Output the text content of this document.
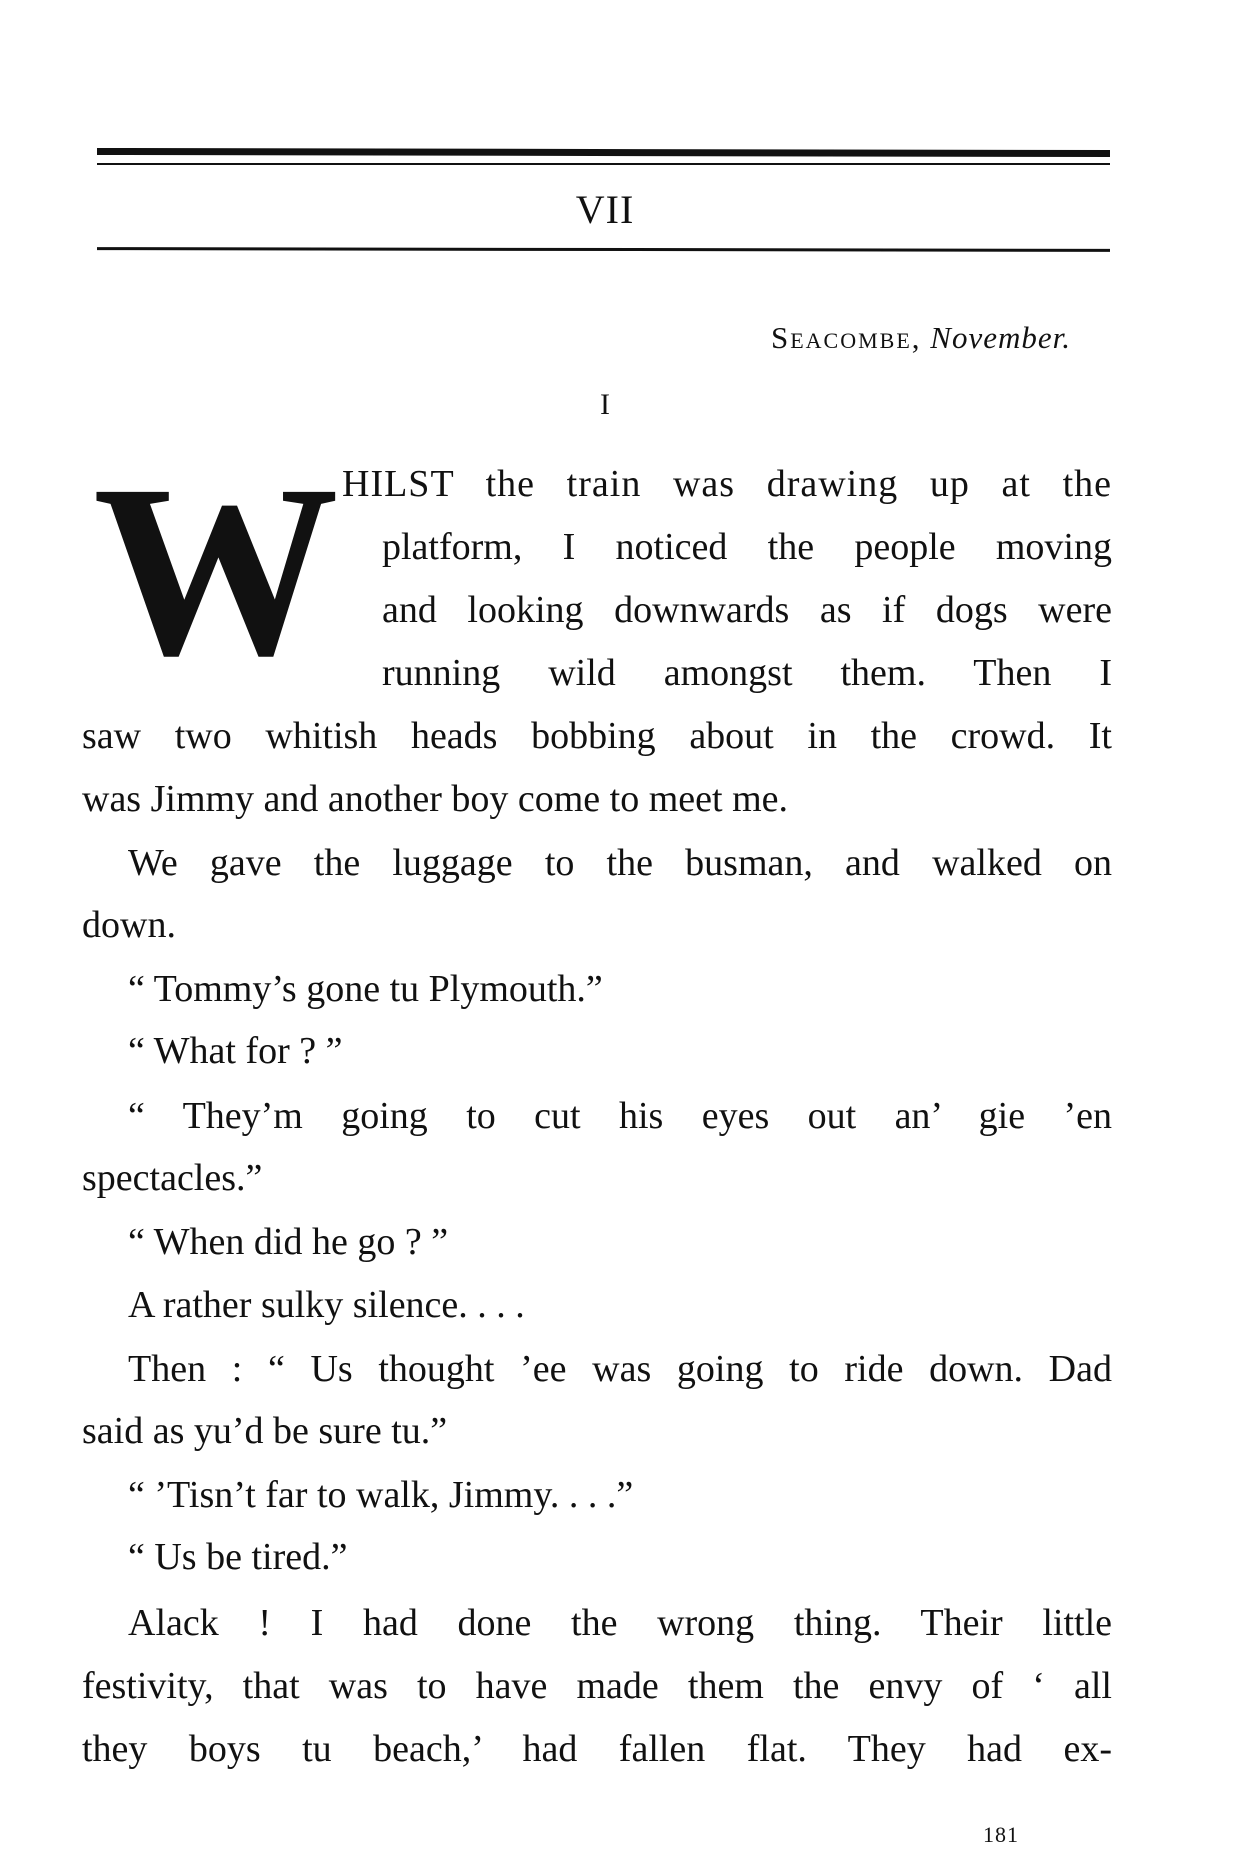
VII
Seacombe, November.
I
W HILST the train was drawing up at the
platform, I noticed the people moving
and looking downwards as if dogs were
running wild amongst them. Then I
saw two whitish heads bobbing about in the crowd. It
was Jimmy and another boy come to meet me.
We gave the luggage to the busman, and walked on
down.
“ Tommy’s gone tu Plymouth.”
“ What for ? ”
“ They’m going to cut his eyes out an’ gie ’en
spectacles.”
“ When did he go ? ”
A rather sulky silence. . . .
Then : “ Us thought ’ee was going to ride down. Dad
said as yu’d be sure tu.”
“ ’Tisn’t far to walk, Jimmy. . . .”
“ Us be tired.”
Alack ! I had done the wrong thing. Their little
festivity, that was to have made them the envy of ‘ all
they boys tu beach,’ had fallen flat. They had ex-
181
